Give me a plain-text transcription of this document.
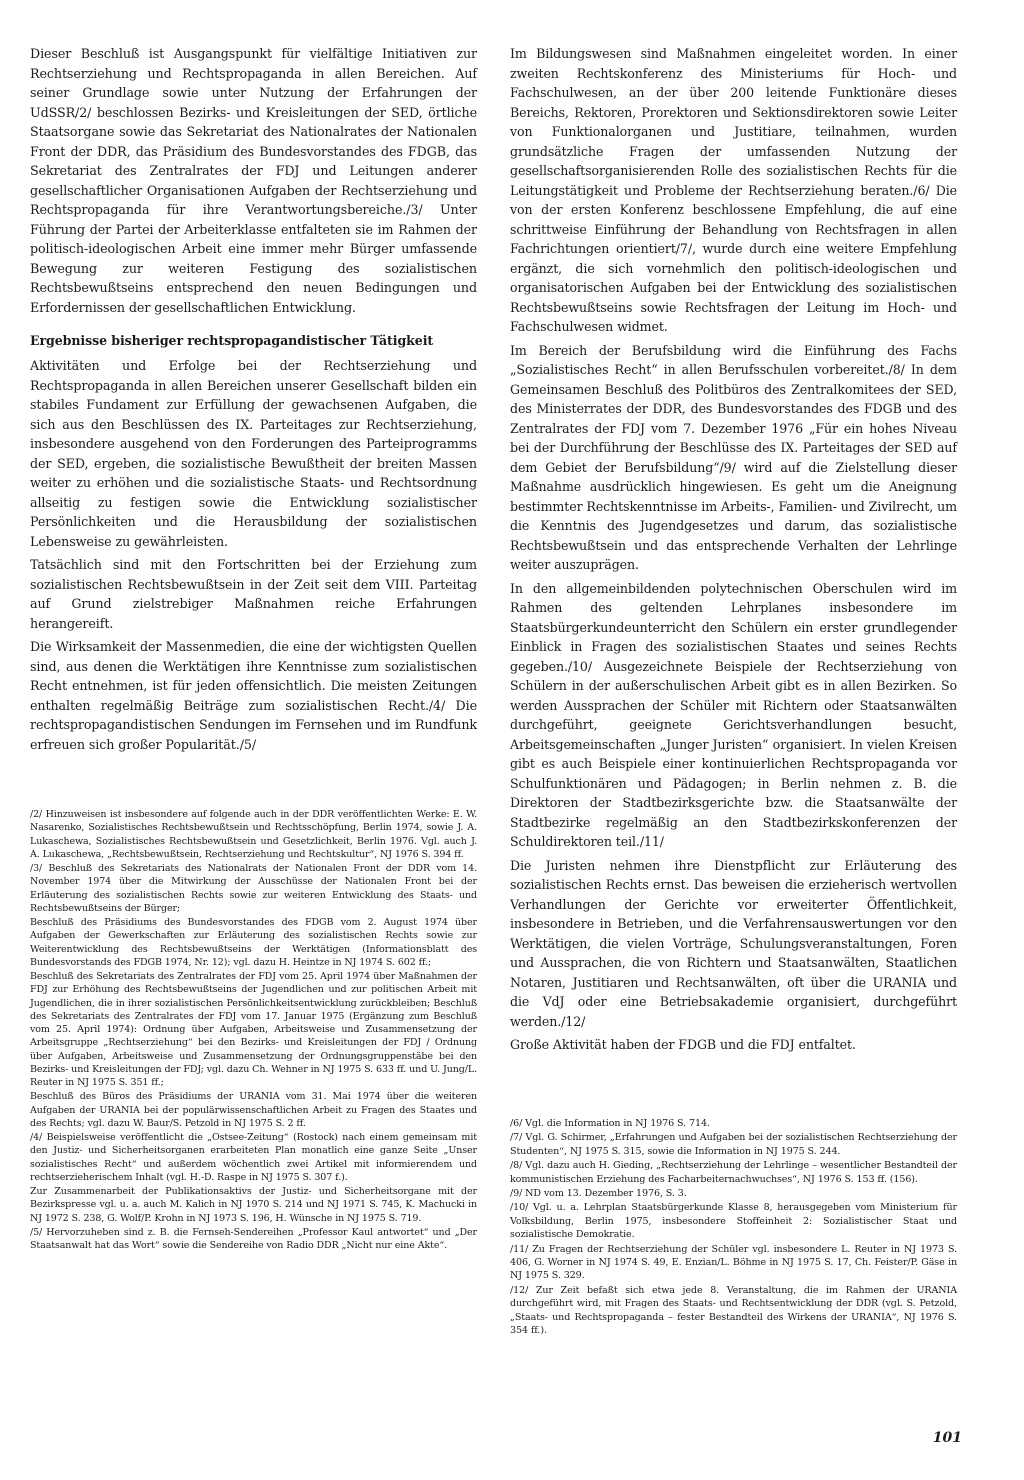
Dieser Beschluß ist Ausgangspunkt für vielfältige Initiativen zur Rechtserziehung und Rechtspropaganda in allen Bereichen. Auf seiner Grundlage sowie unter Nutzung der Erfahrungen der UdSSR/2/ beschlossen Bezirks- und Kreisleitungen der SED, örtliche Staatsorgane sowie das Sekretariat des Nationalrates der Nationalen Front der DDR, das Präsidium des Bundesvorstandes des FDGB, das Sekretariat des Zentralrates der FDJ und Leitungen anderer gesellschaftlicher Organisationen Aufgaben der Rechtserziehung und Rechtspropaganda für ihre Verantwortungsbereiche./3/ Unter Führung der Partei der Arbeiterklasse entfalteten sie im Rahmen der politisch-ideologischen Arbeit eine immer mehr Bürger umfassende Bewegung zur weiteren Festigung des sozialistischen Rechtsbewußtseins entsprechend den neuen Bedingungen und Erfordernissen der gesellschaftlichen Entwicklung.

Ergebnisse bisheriger rechtspropagandistischer Tätigkeit

Aktivitäten und Erfolge bei der Rechtserziehung und Rechtspropaganda in allen Bereichen unserer Gesellschaft bilden ein stabiles Fundament zur Erfüllung der gewachsenen Aufgaben, die sich aus den Beschlüssen des IX. Parteitages zur Rechtserziehung, insbesondere ausgehend von den Forderungen des Parteiprogramms der SED, ergeben, die sozialistische Bewußtheit der breiten Massen weiter zu erhöhen und die sozialistische Staats- und Rechtsordnung allseitig zu festigen sowie die Entwicklung sozialistischer Persönlichkeiten und die Herausbildung der sozialistischen Lebensweise zu gewährleisten.

Tatsächlich sind mit den Fortschritten bei der Erziehung zum sozialistischen Rechtsbewußtsein in der Zeit seit dem VIII. Parteitag auf Grund zielstrebiger Maßnahmen reiche Erfahrungen herangereift.

Die Wirksamkeit der Massenmedien, die eine der wichtigsten Quellen sind, aus denen die Werktätigen ihre Kenntnisse zum sozialistischen Recht entnehmen, ist für jeden offensichtlich. Die meisten Zeitungen enthalten regelmäßig Beiträge zum sozialistischen Recht./4/ Die rechtspropagandistischen Sendungen im Fernsehen und im Rundfunk erfreuen sich großer Popularität./5/

/2/ Hinzuweisen ist insbesondere auf folgende auch in der DDR veröffentlichten Werke: E. W. Nasarenko, Sozialistisches Rechtsbewußtsein und Rechtsschöpfung, Berlin 1974, sowie J. A. Lukaschewa, Sozialistisches Rechtsbewußtsein und Gesetzlichkeit, Berlin 1976. Vgl. auch J. A. Lukaschewa, „Rechtsbewußtsein, Rechtserziehung und Rechtskultur“, NJ 1976 S. 394 ff.

/3/ Beschluß des Sekretariats des Nationalrats der Nationalen Front der DDR vom 14. November 1974 über die Mitwirkung der Ausschüsse der Nationalen Front bei der Erläuterung des sozialistischen Rechts sowie zur weiteren Entwicklung des Staats- und Rechtsbewußtseins der Bürger;

Beschluß des Präsidiums des Bundesvorstandes des FDGB vom 2. August 1974 über Aufgaben der Gewerkschaften zur Erläuterung des sozialistischen Rechts sowie zur Weiterentwicklung des Rechtsbewußtseins der Werktätigen (Informationsblatt des Bundesvorstands des FDGB 1974, Nr. 12); vgl. dazu H. Heintze in NJ 1974 S. 602 ff.;

Beschluß des Sekretariats des Zentralrates der FDJ vom 25. April 1974 über Maßnahmen der FDJ zur Erhöhung des Rechtsbewußtseins der Jugendlichen und zur politischen Arbeit mit Jugendlichen, die in ihrer sozialistischen Persönlichkeitsentwicklung zurückbleiben; Beschluß des Sekretariats des Zentralrates der FDJ vom 17. Januar 1975 (Ergänzung zum Beschluß vom 25. April 1974): Ordnung über Aufgaben, Arbeitsweise und Zusammensetzung der Arbeitsgruppe „Rechtserziehung“ bei den Bezirks- und Kreisleitungen der FDJ / Ordnung über Aufgaben, Arbeitsweise und Zusammensetzung der Ordnungsgruppenstäbe bei den Bezirks- und Kreisleitungen der FDJ; vgl. dazu Ch. Wehner in NJ 1975 S. 633 ff. und U. Jung/L. Reuter in NJ 1975 S. 351 ff.;

Beschluß des Büros des Präsidiums der URANIA vom 31. Mai 1974 über die weiteren Aufgaben der URANIA bei der populärwissenschaftlichen Arbeit zu Fragen des Staates und des Rechts; vgl. dazu W. Baur/S. Petzold in NJ 1975 S. 2 ff.

/4/ Beispielsweise veröffentlicht die „Ostsee-Zeitung“ (Rostock) nach einem gemeinsam mit den Justiz- und Sicherheitsorganen erarbeiteten Plan monatlich eine ganze Seite „Unser sozialistisches Recht“ und außerdem wöchentlich zwei Artikel mit informierendem und rechtserzieherischem Inhalt (vgl. H.-D. Raspe in NJ 1975 S. 307 f.).

Zur Zusammenarbeit der Publikationsaktivs der Justiz- und Sicherheitsorgane mit der Bezirkspresse vgl. u. a. auch M. Kalich in NJ 1970 S. 214 und NJ 1971 S. 745, K. Machucki in NJ 1972 S. 238, G. Wolf/P. Krohn in NJ 1973 S. 196, H. Wünsche in NJ 1975 S. 719.

/5/ Hervorzuheben sind z. B. die Fernseh-Sendereihen „Professor Kaul antwortet“ und „Der Staatsanwalt hat das Wort“ sowie die Sendereihe von Radio DDR „Nicht nur eine Akte“.

Im Bildungswesen sind Maßnahmen eingeleitet worden. In einer zweiten Rechtskonferenz des Ministeriums für Hoch- und Fachschulwesen, an der über 200 leitende Funktionäre dieses Bereichs, Rektoren, Prorektoren und Sektionsdirektoren sowie Leiter von Funktionalorganen und Justitiare, teilnahmen, wurden grundsätzliche Fragen der umfassenden Nutzung der gesellschaftsorganisierenden Rolle des sozialistischen Rechts für die Leitungstätigkeit und Probleme der Rechtserziehung beraten./6/ Die von der ersten Konferenz beschlossene Empfehlung, die auf eine schrittweise Einführung der Behandlung von Rechtsfragen in allen Fachrichtungen orientiert/7/, wurde durch eine weitere Empfehlung ergänzt, die sich vornehmlich den politisch-ideologischen und organisatorischen Aufgaben bei der Entwicklung des sozialistischen Rechtsbewußtseins sowie Rechtsfragen der Leitung im Hoch- und Fachschulwesen widmet.

Im Bereich der Berufsbildung wird die Einführung des Fachs „Sozialistisches Recht“ in allen Berufsschulen vorbereitet./8/ In dem Gemeinsamen Beschluß des Politbüros des Zentralkomitees der SED, des Ministerrates der DDR, des Bundesvorstandes des FDGB und des Zentralrates der FDJ vom 7. Dezember 1976 „Für ein hohes Niveau bei der Durchführung der Beschlüsse des IX. Parteitages der SED auf dem Gebiet der Berufsbildung“/9/ wird auf die Zielstellung dieser Maßnahme ausdrücklich hingewiesen. Es geht um die Aneignung bestimmter Rechtskenntnisse im Arbeits-, Familien- und Zivilrecht, um die Kenntnis des Jugendgesetzes und darum, das sozialistische Rechtsbewußtsein und das entsprechende Verhalten der Lehrlinge weiter auszuprägen.

In den allgemeinbildenden polytechnischen Oberschulen wird im Rahmen des geltenden Lehrplanes insbesondere im Staatsbürgerkundeunterricht den Schülern ein erster grundlegender Einblick in Fragen des sozialistischen Staates und seines Rechts gegeben./10/ Ausgezeichnete Beispiele der Rechtserziehung von Schülern in der außerschulischen Arbeit gibt es in allen Bezirken. So werden Aussprachen der Schüler mit Richtern oder Staatsanwälten durchgeführt, geeignete Gerichtsverhandlungen besucht, Arbeitsgemeinschaften „Junger Juristen“ organisiert. In vielen Kreisen gibt es auch Beispiele einer kontinuierlichen Rechtspropaganda vor Schulfunktionären und Pädagogen; in Berlin nehmen z. B. die Direktoren der Stadtbezirksgerichte bzw. die Staatsanwälte der Stadtbezirke regelmäßig an den Stadtbezirkskonferenzen der Schuldirektoren teil./11/

Die Juristen nehmen ihre Dienstpflicht zur Erläuterung des sozialistischen Rechts ernst. Das beweisen die erzieherisch wertvollen Verhandlungen der Gerichte vor erweiterter Öffentlichkeit, insbesondere in Betrieben, und die Verfahrensauswertungen vor den Werktätigen, die vielen Vorträge, Schulungsveranstaltungen, Foren und Aussprachen, die von Richtern und Staatsanwälten, Staatlichen Notaren, Justitiaren und Rechtsanwälten, oft über die URANIA und die VdJ oder eine Betriebsakademie organisiert, durchgeführt werden./12/

Große Aktivität haben der FDGB und die FDJ entfaltet.

/6/ Vgl. die Information in NJ 1976 S. 714.

/7/ Vgl. G. Schirmer, „Erfahrungen und Aufgaben bei der sozialistischen Rechtserziehung der Studenten“, NJ 1975 S. 315, sowie die Information in NJ 1975 S. 244.

/8/ Vgl. dazu auch H. Gieding, „Rechtserziehung der Lehrlinge – wesentlicher Bestandteil der kommunistischen Erziehung des Facharbeiternachwuchses“, NJ 1976 S. 153 ff. (156).

/9/ ND vom 13. Dezember 1976, S. 3.

/10/ Vgl. u. a. Lehrplan Staatsbürgerkunde Klasse 8, herausgegeben vom Ministerium für Volksbildung, Berlin 1975, insbesondere Stoffeinheit 2: Sozialistischer Staat und sozialistische Demokratie.

/11/ Zu Fragen der Rechtserziehung der Schüler vgl. insbesondere L. Reuter in NJ 1973 S. 406, G. Worner in NJ 1974 S. 49, E. Enzian/L. Böhme in NJ 1975 S. 17, Ch. Feister/P. Gäse in NJ 1975 S. 329.

/12/ Zur Zeit befaßt sich etwa jede 8. Veranstaltung, die im Rahmen der URANIA durchgeführt wird, mit Fragen des Staats- und Rechtsentwicklung der DDR (vgl. S. Petzold, „Staats- und Rechtspropaganda – fester Bestandteil des Wirkens der URANIA“, NJ 1976 S. 354 ff.).

101
